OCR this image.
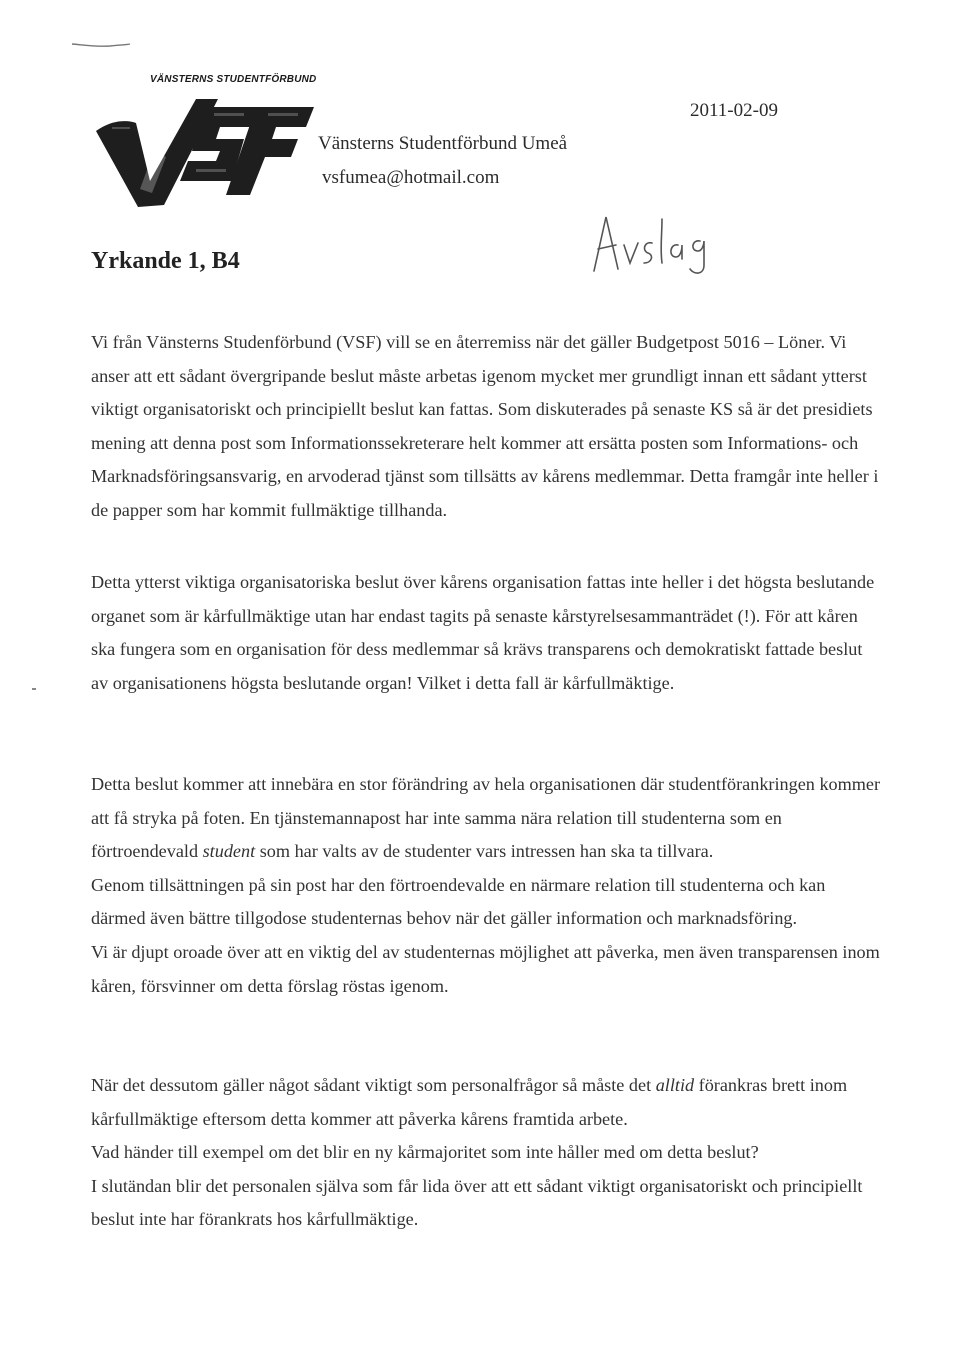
VÄNSTERNS STUDENTFÖRBUND
Vänsterns Studentförbund Umeå
vsfumea@hotmail.com
2011-02-09
Yrkande 1, B4

Vi från Vänsterns Studenförbund (VSF) vill se en återremiss när det gäller Budgetpost 5016 – Löner. Vi anser att ett sådant övergripande beslut måste arbetas igenom mycket mer grundligt innan ett sådant ytterst viktigt organisatoriskt och principiellt beslut kan fattas. Som diskuterades på senaste KS så är det presidiets mening att denna post som Informationssekreterare helt kommer att ersätta posten som Informations- och Marknadsföringsansvarig, en arvoderad tjänst som tillsätts av kårens medlemmar. Detta framgår inte heller i de papper som har kommit fullmäktige tillhanda.

Detta ytterst viktiga organisatoriska beslut över kårens organisation fattas inte heller i det högsta beslutande organet som är kårfullmäktige utan har endast tagits på senaste kårstyrelsesammanträdet (!). För att kåren ska fungera som en organisation för dess medlemmar så krävs transparens och demokratiskt fattade beslut av organisationens högsta beslutande organ! Vilket i detta fall är kårfullmäktige.

Detta beslut kommer att innebära en stor förändring av hela organisationen där studentförankringen kommer att få stryka på foten. En tjänstemannapost har inte samma nära relation till studenterna som en förtroendevald student som har valts av de studenter vars intressen han ska ta tillvara.
Genom tillsättningen på sin post har den förtroendevalde en närmare relation till studenterna och kan därmed även bättre tillgodose studenternas behov när det gäller information och marknadsföring.
Vi är djupt oroade över att en viktig del av studenternas möjlighet att påverka, men även transparensen inom kåren, försvinner om detta förslag röstas igenom.

När det dessutom gäller något sådant viktigt som personalfrågor så måste det alltid förankras brett inom kårfullmäktige eftersom detta kommer att påverka kårens framtida arbete.
Vad händer till exempel om det blir en ny kårmajoritet som inte håller med om detta beslut?
I slutändan blir det personalen själva som får lida över att ett sådant viktigt organisatoriskt och principiellt beslut inte har förankrats hos kårfullmäktige.
